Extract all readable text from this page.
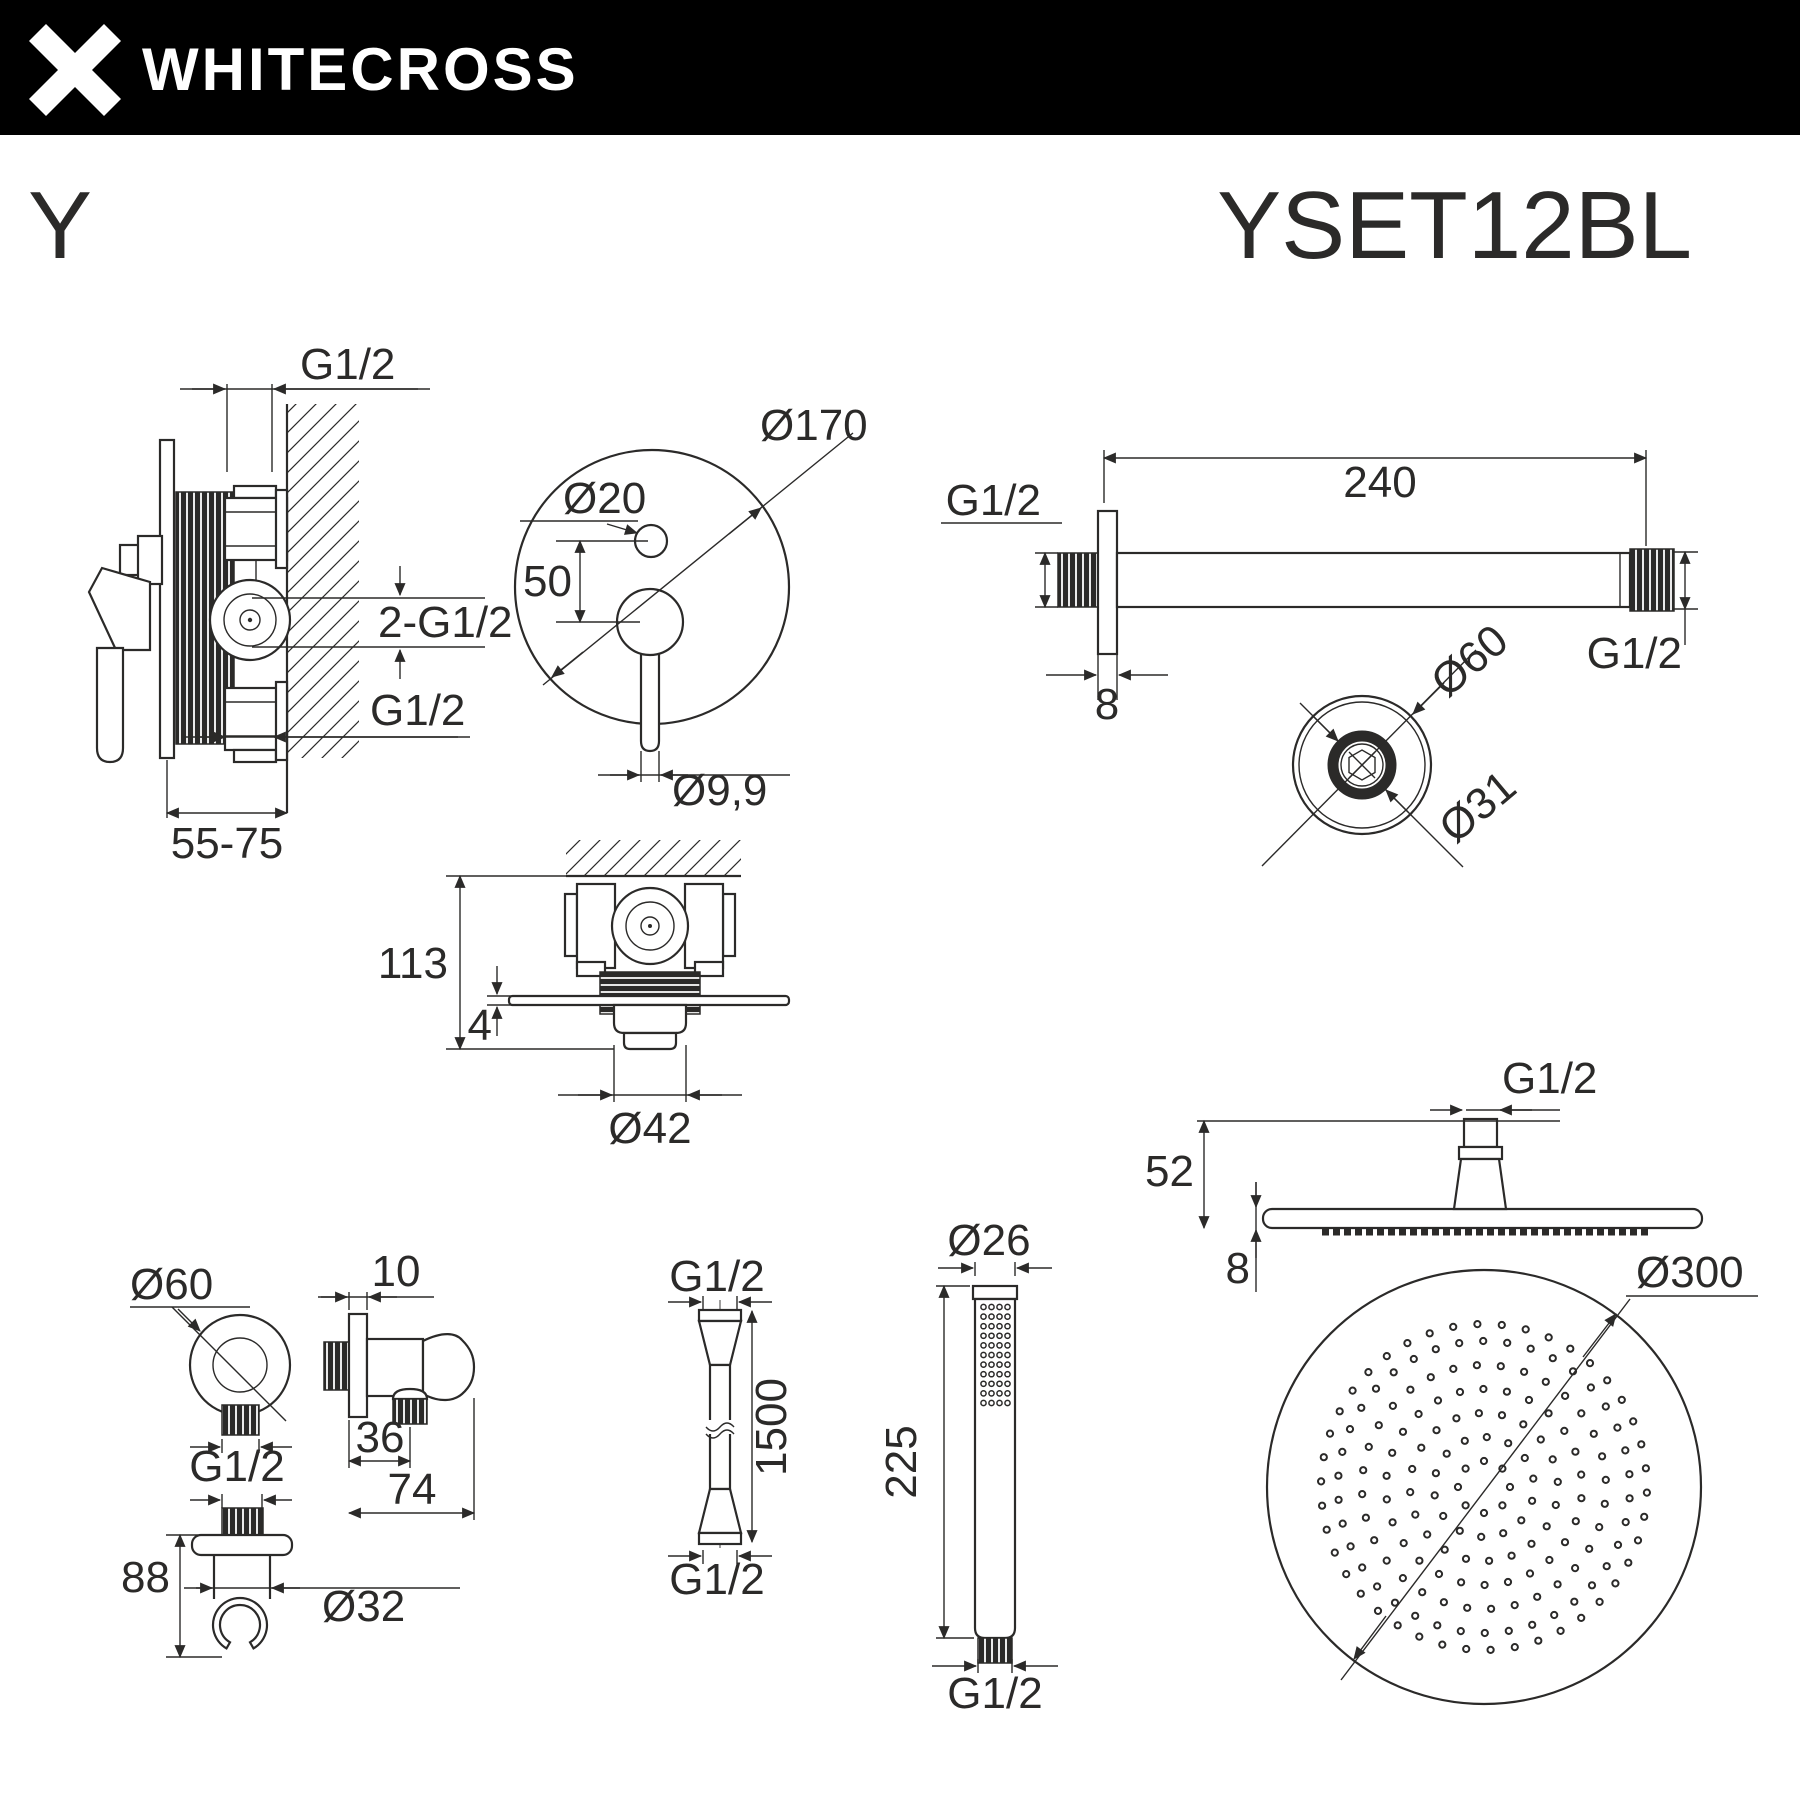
WHITECROSS
Y	YSET12BL
G1/2
2-G1/2
G1/2
55-75
Ø170
Ø20
50
Ø9,9
113
4
Ø42
240
G1/2
8
G1/2
Ø60
Ø31
G1/2
52
8	Ø300
Ø60
G1/2
88
Ø32
10
36
74
G1/2
1500
G1/2
Ø26
225
G1/2
